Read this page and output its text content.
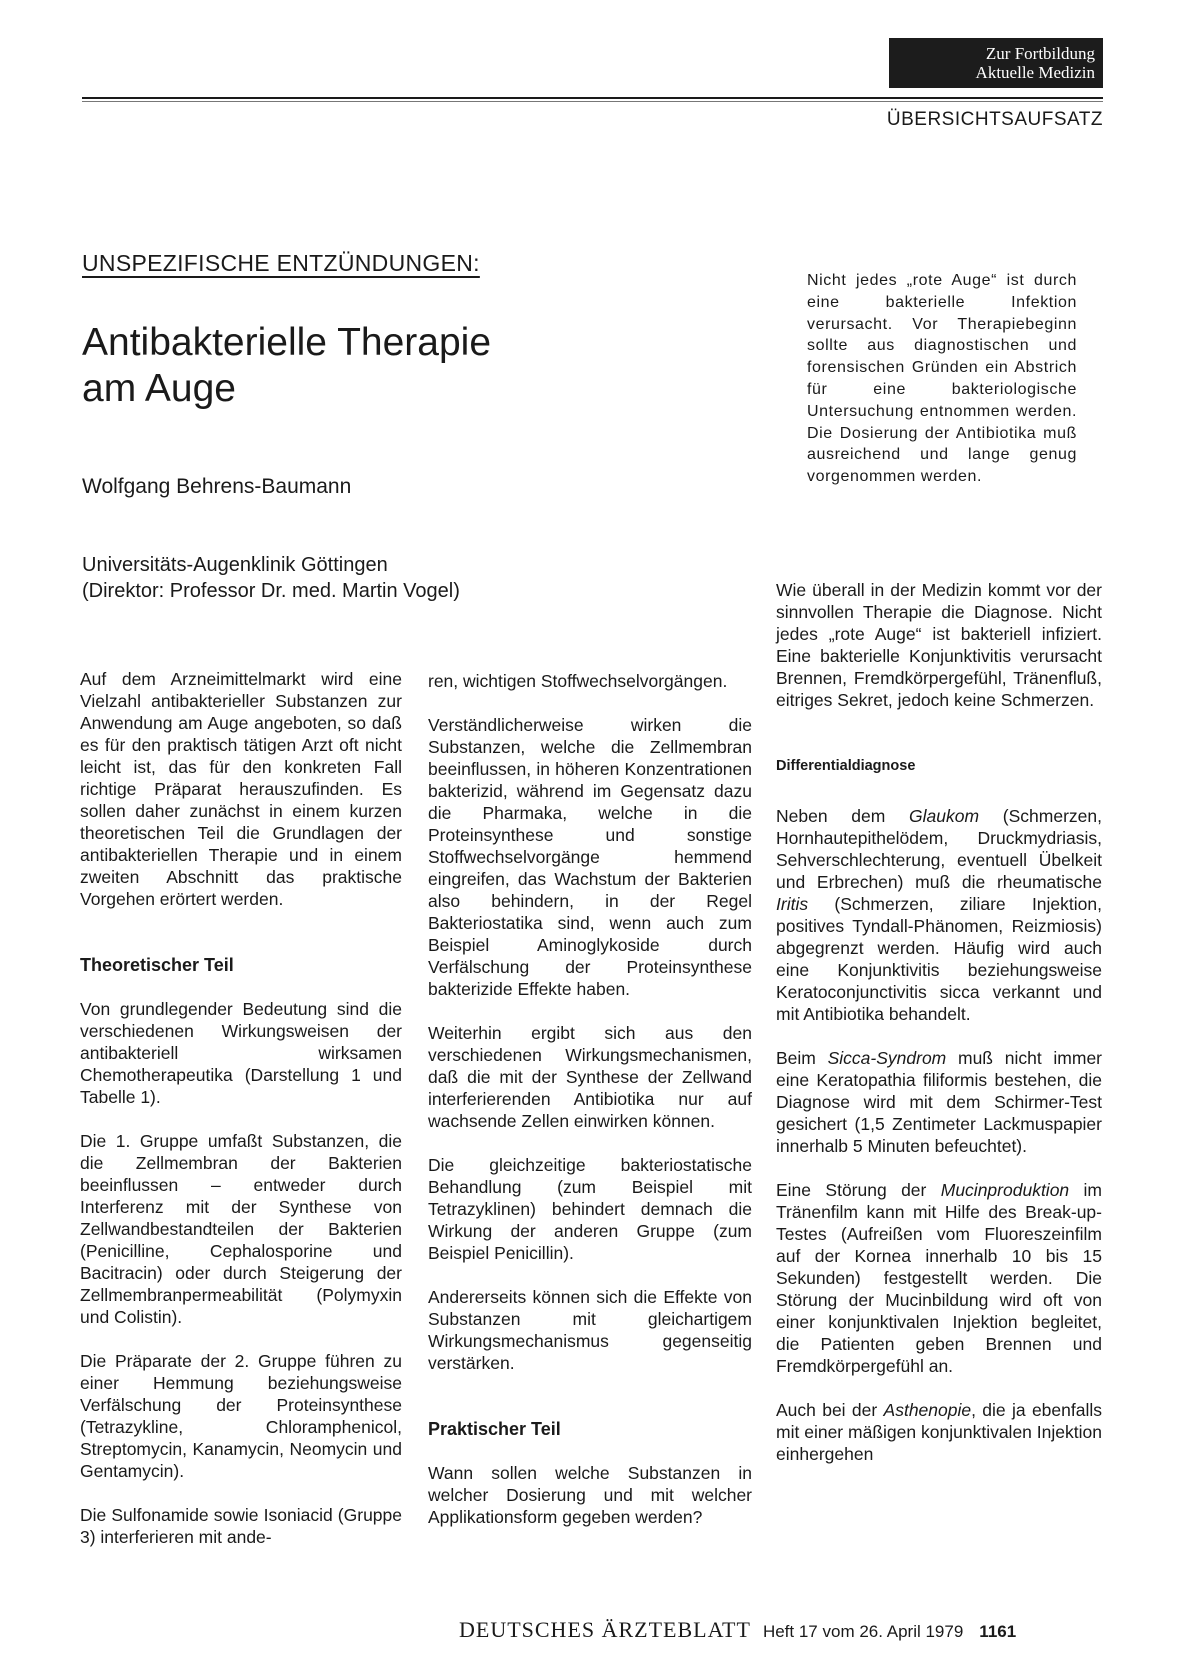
Zur Fortbildung
Aktuelle Medizin
ÜBERSICHTSAUFSATZ
UNSPEZIFISCHE ENTZÜNDUNGEN:
Antibakterielle Therapie
am Auge
Wolfgang Behrens-Baumann
Universitäts-Augenklinik Göttingen
(Direktor: Professor Dr. med. Martin Vogel)
Nicht jedes „rote Auge“ ist durch eine bakterielle Infektion verursacht. Vor Therapiebeginn sollte aus diagnostischen und forensischen Gründen ein Abstrich für eine bakteriologische Untersuchung entnommen werden. Die Dosierung der Antibiotika muß ausreichend und lange genug vorgenommen werden.

Auf dem Arzneimittelmarkt wird eine Vielzahl antibakterieller Substanzen zur Anwendung am Auge angeboten, so daß es für den praktisch tätigen Arzt oft nicht leicht ist, das für den konkreten Fall richtige Präparat herauszufinden. Es sollen daher zunächst in einem kurzen theoretischen Teil die Grundlagen der antibakteriellen Therapie und in einem zweiten Abschnitt das praktische Vorgehen erörtert werden.

Theoretischer Teil

Von grundlegender Bedeutung sind die verschiedenen Wirkungsweisen der antibakteriell wirksamen Chemotherapeutika (Darstellung 1 und Tabelle 1).

Die 1. Gruppe umfaßt Substanzen, die die Zellmembran der Bakterien beeinflussen – entweder durch Interferenz mit der Synthese von Zellwandbestandteilen der Bakterien (Penicilline, Cephalosporine und Bacitracin) oder durch Steigerung der Zellmembranpermeabilität (Polymyxin und Colistin).

Die Präparate der 2. Gruppe führen zu einer Hemmung beziehungsweise Verfälschung der Proteinsynthese (Tetrazykline, Chloramphenicol, Streptomycin, Kanamycin, Neomycin und Gentamycin).

Die Sulfonamide sowie Isoniacid (Gruppe 3) interferieren mit ande-

ren, wichtigen Stoffwechselvorgängen.

Verständlicherweise wirken die Substanzen, welche die Zellmembran beeinflussen, in höheren Konzentrationen bakterizid, während im Gegensatz dazu die Pharmaka, welche in die Proteinsynthese und sonstige Stoffwechselvorgänge hemmend eingreifen, das Wachstum der Bakterien also behindern, in der Regel Bakteriostatika sind, wenn auch zum Beispiel Aminoglykoside durch Verfälschung der Proteinsynthese bakterizide Effekte haben.

Weiterhin ergibt sich aus den verschiedenen Wirkungsmechanismen, daß die mit der Synthese der Zellwand interferierenden Antibiotika nur auf wachsende Zellen einwirken können.

Die gleichzeitige bakteriostatische Behandlung (zum Beispiel mit Tetrazyklinen) behindert demnach die Wirkung der anderen Gruppe (zum Beispiel Penicillin).

Andererseits können sich die Effekte von Substanzen mit gleichartigem Wirkungsmechanismus gegenseitig verstärken.

Praktischer Teil

Wann sollen welche Substanzen in welcher Dosierung und mit welcher Applikationsform gegeben werden?

Wie überall in der Medizin kommt vor der sinnvollen Therapie die Diagnose. Nicht jedes „rote Auge“ ist bakteriell infiziert. Eine bakterielle Konjunktivitis verursacht Brennen, Fremdkörpergefühl, Tränenfluß, eitriges Sekret, jedoch keine Schmerzen.

Differentialdiagnose

Neben dem Glaukom (Schmerzen, Hornhautepithelödem, Druckmydriasis, Sehverschlechterung, eventuell Übelkeit und Erbrechen) muß die rheumatische Iritis (Schmerzen, ziliare Injektion, positives Tyndall-Phänomen, Reizmiosis) abgegrenzt werden. Häufig wird auch eine Konjunktivitis beziehungsweise Keratoconjunctivitis sicca verkannt und mit Antibiotika behandelt.

Beim Sicca-Syndrom muß nicht immer eine Keratopathia filiformis bestehen, die Diagnose wird mit dem Schirmer-Test gesichert (1,5 Zentimeter Lackmuspapier innerhalb 5 Minuten befeuchtet).

Eine Störung der Mucinproduktion im Tränenfilm kann mit Hilfe des Break-up-Testes (Aufreißen vom Fluoreszeinfilm auf der Kornea innerhalb 10 bis 15 Sekunden) festgestellt werden. Die Störung der Mucinbildung wird oft von einer konjunktivalen Injektion begleitet, die Patienten geben Brennen und Fremdkörpergefühl an.

Auch bei der Asthenopie, die ja ebenfalls mit einer mäßigen konjunktivalen Injektion einhergehen

DEUTSCHES ÄRZTEBLATT Heft 17 vom 26. April 1979 1161
